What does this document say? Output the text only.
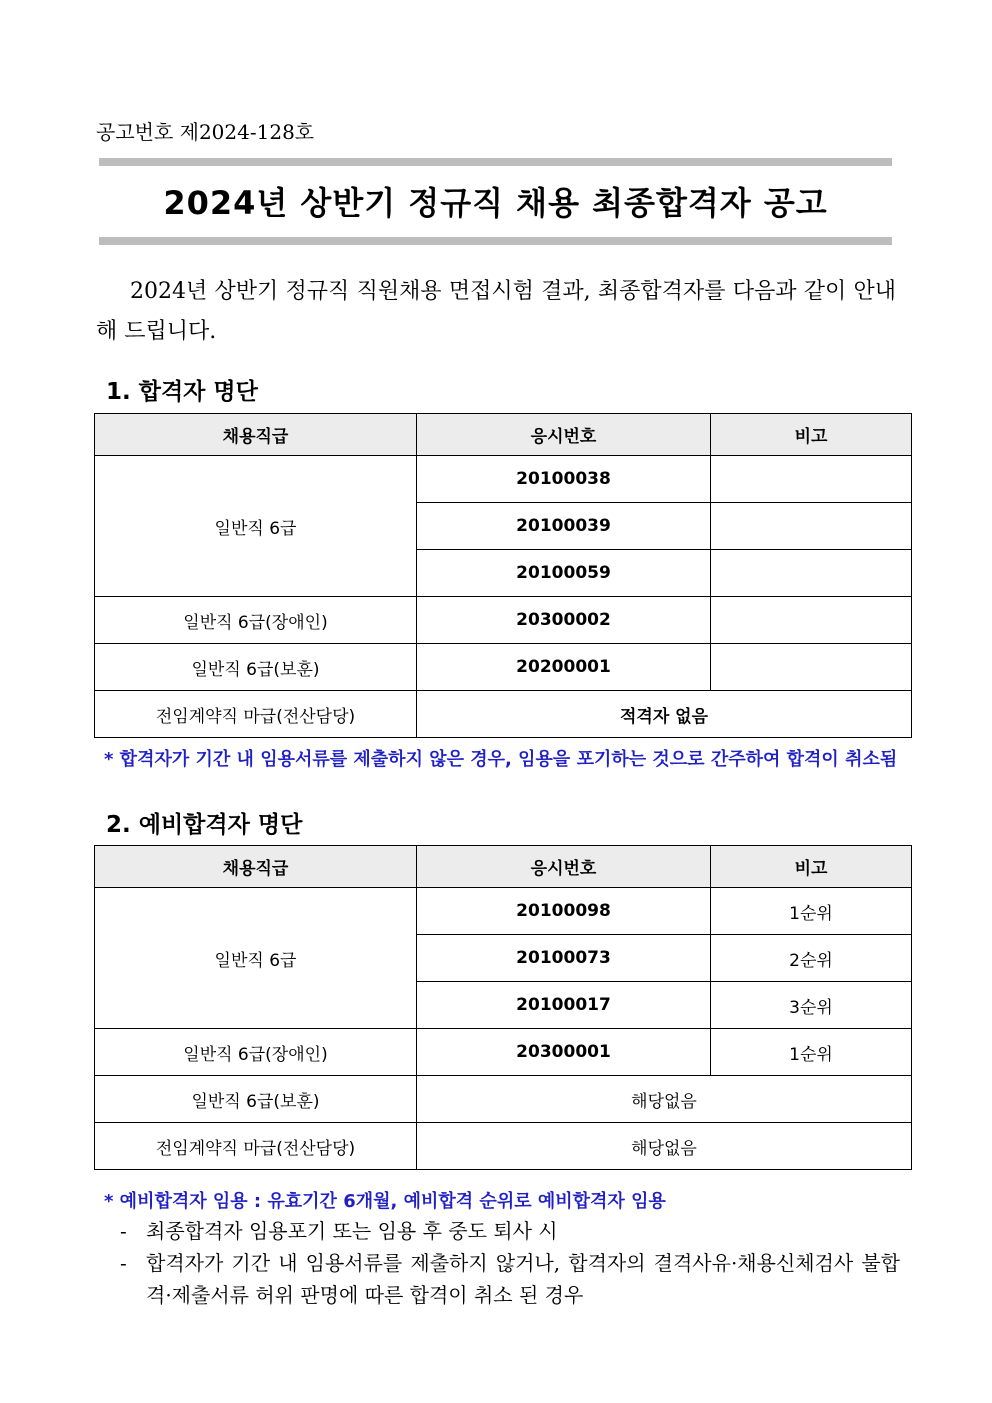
공고번호 제2024-128호
2024년 상반기 정규직 채용 최종합격자 공고
2024년 상반기 정규직 직원채용 면접시험 결과, 최종합격자를 다음과 같이 안내해 드립니다.
1. 합격자 명단
채용직급	응시번호	비고
일반직 6급	20100038	
	20100039	
	20100059	
일반직 6급(장애인)	20300002	
일반직 6급(보훈)	20200001	
전임계약직 마급(전산담당)	적격자 없음	
* 합격자가 기간 내 임용서류를 제출하지 않은 경우, 임용을 포기하는 것으로 간주하여 합격이 취소됨
2. 예비합격자 명단
채용직급	응시번호	비고
일반직 6급	20100098	1순위
	20100073	2순위
	20100017	3순위
일반직 6급(장애인)	20300001	1순위
일반직 6급(보훈)	해당없음	
전임계약직 마급(전산담당)	해당없음	
* 예비합격자 임용 : 유효기간 6개월, 예비합격 순위로 예비합격자 임용
- 최종합격자 임용포기 또는 임용 후 중도 퇴사 시
- 합격자가 기간 내 임용서류를 제출하지 않거나, 합격자의 결격사유·채용신체검사 불합격·제출서류 허위 판명에 따른 합격이 취소 된 경우
